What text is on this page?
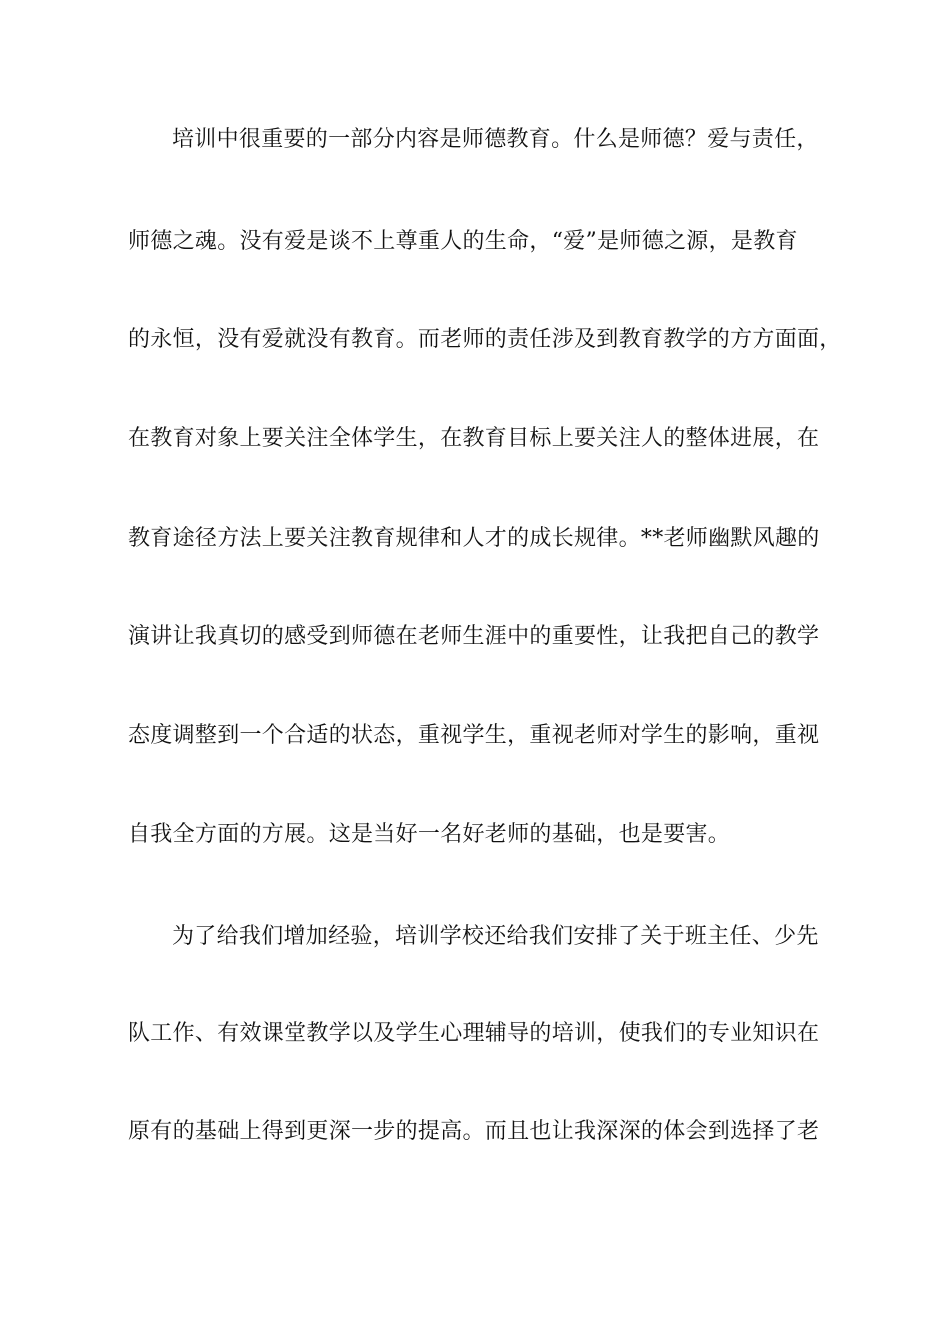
培训中很重要的一部分内容是师德教育。什么是师德？爱与责任，
师德之魂。没有爱是谈不上尊重人的生命，“爱”是师德之源，是教育
的永恒，没有爱就没有教育。而老师的责任涉及到教育教学的方方面面，
在教育对象上要关注全体学生，在教育目标上要关注人的整体进展，在
教育途径方法上要关注教育规律和人才的成长规律。**老师幽默风趣的
演讲让我真切的感受到师德在老师生涯中的重要性，让我把自己的教学
态度调整到一个合适的状态，重视学生，重视老师对学生的影响，重视
自我全方面的方展。这是当好一名好老师的基础，也是要害。
为了给我们增加经验，培训学校还给我们安排了关于班主任、少先
队工作、有效课堂教学以及学生心理辅导的培训，使我们的专业知识在
原有的基础上得到更深一步的提高。而且也让我深深的体会到选择了老
